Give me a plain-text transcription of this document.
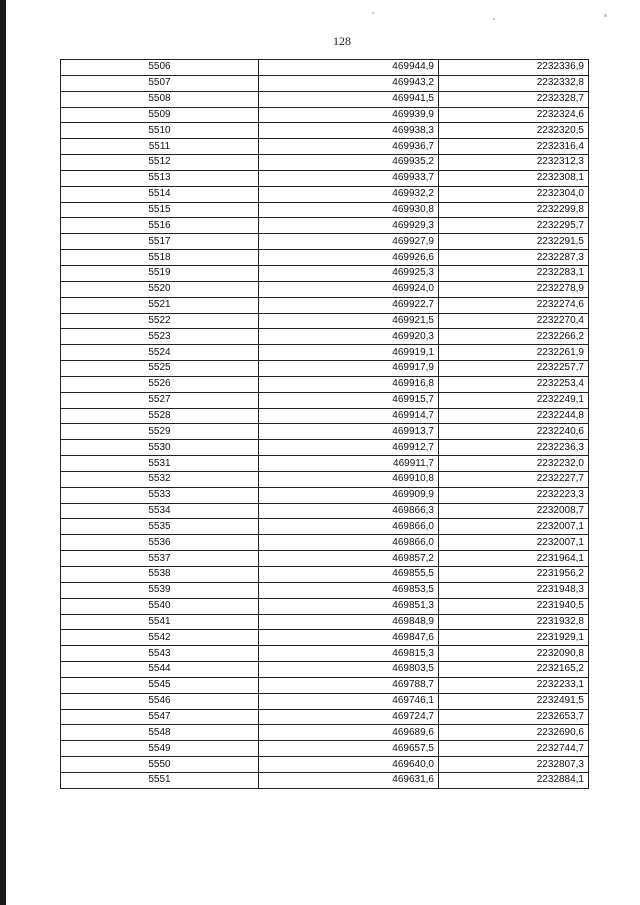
128
5506	469944,9	2232336,9
5507	469943,2	2232332,8
5508	469941,5	2232328,7
5509	469939,9	2232324,6
5510	469938,3	2232320,5
5511	469936,7	2232316,4
5512	469935,2	2232312,3
5513	469933,7	2232308,1
5514	469932,2	2232304,0
5515	469930,8	2232299,8
5516	469929,3	2232295,7
5517	469927,9	2232291,5
5518	469926,6	2232287,3
5519	469925,3	2232283,1
5520	469924,0	2232278,9
5521	469922,7	2232274,6
5522	469921,5	2232270,4
5523	469920,3	2232266,2
5524	469919,1	2232261,9
5525	469917,9	2232257,7
5526	469916,8	2232253,4
5527	469915,7	2232249,1
5528	469914,7	2232244,8
5529	469913,7	2232240,6
5530	469912,7	2232236,3
5531	469911,7	2232232,0
5532	469910,8	2232227,7
5533	469909,9	2232223,3
5534	469866,3	2232008,7
5535	469866,0	2232007,1
5536	469866,0	2232007,1
5537	469857,2	2231964,1
5538	469855,5	2231956,2
5539	469853,5	2231948,3
5540	469851,3	2231940,5
5541	469848,9	2231932,8
5542	469847,6	2231929,1
5543	469815,3	2232090,8
5544	469803,5	2232165,2
5545	469788,7	2232233,1
5546	469746,1	2232491,5
5547	469724,7	2232653,7
5548	469689,6	2232690,6
5549	469657,5	2232744,7
5550	469640,0	2232807,3
5551	469631,6	2232884,1
